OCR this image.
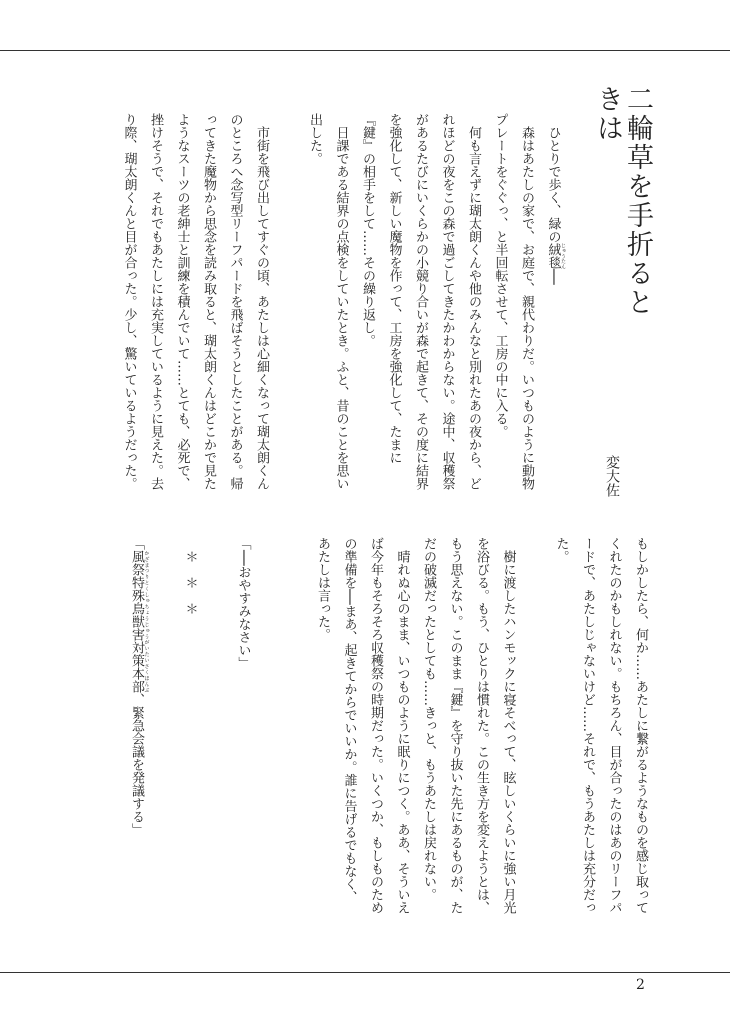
二輪草を手折るときは
変大佐
　ひとりで歩く、緑の絨毯 じゅうたん──
　森はあたしの家で、お庭で、親代わりだ。いつものように動物
プレートをぐぐっ、と半回転させて、工房の中に入る。
　何も言えずに瑚太朗くんや他のみんなと別れたあの夜から、ど
れほどの夜をこの森で過ごしてきたかわからない。途中、収穫祭
があるたびにいくらかの小競り合いが森で起きて、その度に結界
を強化して、新しい魔物を作って、工房を強化して、たまに
『鍵』の相手をして……その繰り返し。
　日課である結界の点検をしていたとき。ふと、昔のことを思い
出した。
　市街を飛び出してすぐの頃、あたしは心細くなって瑚太朗くん
のところへ念写型リーフパードを飛ばそうとしたことがある。帰
ってきた魔物から思念を読み取ると、瑚太朗くんはどこかで見た
ようなスーツの老紳士と訓練を積んでいて……とても、必死で、
挫けそうで、それでもあたしには充実しているように見えた。去
り際、瑚太朗くんと目が合った。少し、驚いているようだった。
もしかしたら、何か……あたしに繋がるようなものを感じ取って
くれたのかもしれない。もちろん、目が合ったのはあのリーフパ
ードで、あたしじゃないけど……それで、もうあたしは充分だっ
た。
　樹に渡したハンモックに寝そべって、眩しいくらいに強い月光
を浴びる。もう、ひとりは慣れた。この生き方を変えようとは、
もう思えない。このまま『鍵』を守り抜いた先にあるものが、た
だの破滅だったとしても……きっと、もうあたしは戻れない。
　晴れぬ心のまま、いつものように眠りにつく。ああ、そういえ
ば今年もそろそろ収穫祭の時期だった。いくつか、もしものため
の準備を──まあ、起きてからでいいか。誰に告げるでもなく、
あたしは言った。
「──おやすみなさい」
　＊　＊　＊
「風祭特殊鳥獣害対策本部 かざまつりとくしゅちょうじゅうがいたいさくほんぶ、緊急会議を発議する」
2
